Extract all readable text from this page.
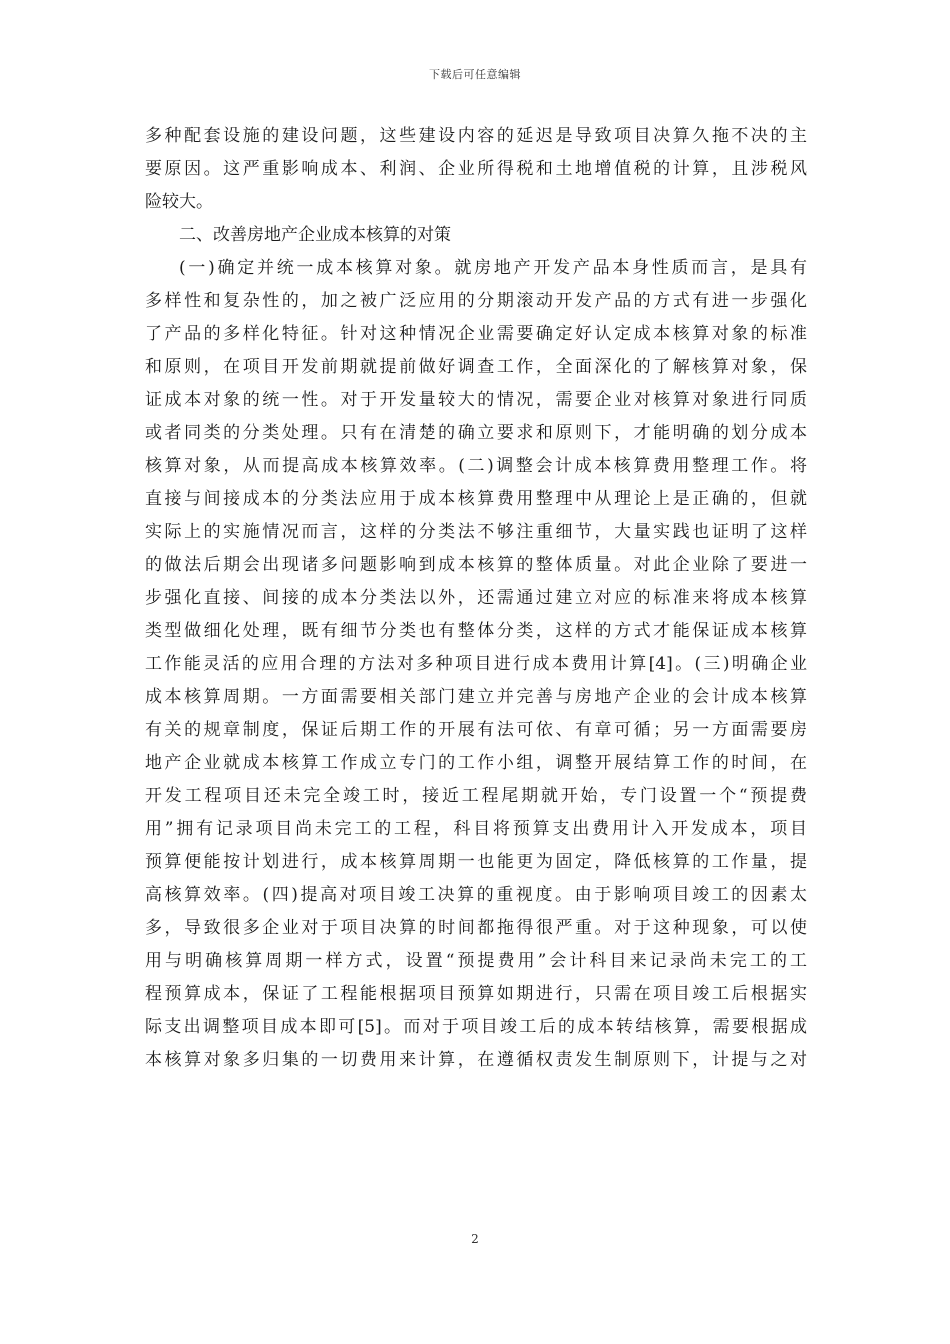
下载后可任意编辑
多种配套设施的建设问题，这些建设内容的延迟是导致项目决算久拖不决的主
要原因。这严重影响成本、利润、企业所得税和土地增值税的计算，且涉税风
险较大。
二、改善房地产企业成本核算的对策
(一)确定并统一成本核算对象。就房地产开发产品本身性质而言，是具有
多样性和复杂性的，加之被广泛应用的分期滚动开发产品的方式有进一步强化
了产品的多样化特征。针对这种情况企业需要确定好认定成本核算对象的标准
和原则，在项目开发前期就提前做好调查工作，全面深化的了解核算对象，保
证成本对象的统一性。对于开发量较大的情况，需要企业对核算对象进行同质
或者同类的分类处理。只有在清楚的确立要求和原则下，才能明确的划分成本
核算对象，从而提高成本核算效率。(二)调整会计成本核算费用整理工作。将
直接与间接成本的分类法应用于成本核算费用整理中从理论上是正确的，但就
实际上的实施情况而言，这样的分类法不够注重细节，大量实践也证明了这样
的做法后期会出现诸多问题影响到成本核算的整体质量。对此企业除了要进一
步强化直接、间接的成本分类法以外，还需通过建立对应的标准来将成本核算
类型做细化处理，既有细节分类也有整体分类，这样的方式才能保证成本核算
工作能灵活的应用合理的方法对多种项目进行成本费用计算[4]。(三)明确企业
成本核算周期。一方面需要相关部门建立并完善与房地产企业的会计成本核算
有关的规章制度，保证后期工作的开展有法可依、有章可循；另一方面需要房
地产企业就成本核算工作成立专门的工作小组，调整开展结算工作的时间，在
开发工程项目还未完全竣工时，接近工程尾期就开始，专门设置一个“预提费
用”拥有记录项目尚未完工的工程，科目将预算支出费用计入开发成本，项目
预算便能按计划进行，成本核算周期一也能更为固定，降低核算的工作量，提
高核算效率。(四)提高对项目竣工决算的重视度。由于影响项目竣工的因素太
多，导致很多企业对于项目决算的时间都拖得很严重。对于这种现象，可以使
用与明确核算周期一样方式，设置“预提费用”会计科目来记录尚未完工的工
程预算成本，保证了工程能根据项目预算如期进行，只需在项目竣工后根据实
际支出调整项目成本即可[5]。而对于项目竣工后的成本转结核算，需要根据成
本核算对象多归集的一切费用来计算，在遵循权责发生制原则下，计提与之对
2
